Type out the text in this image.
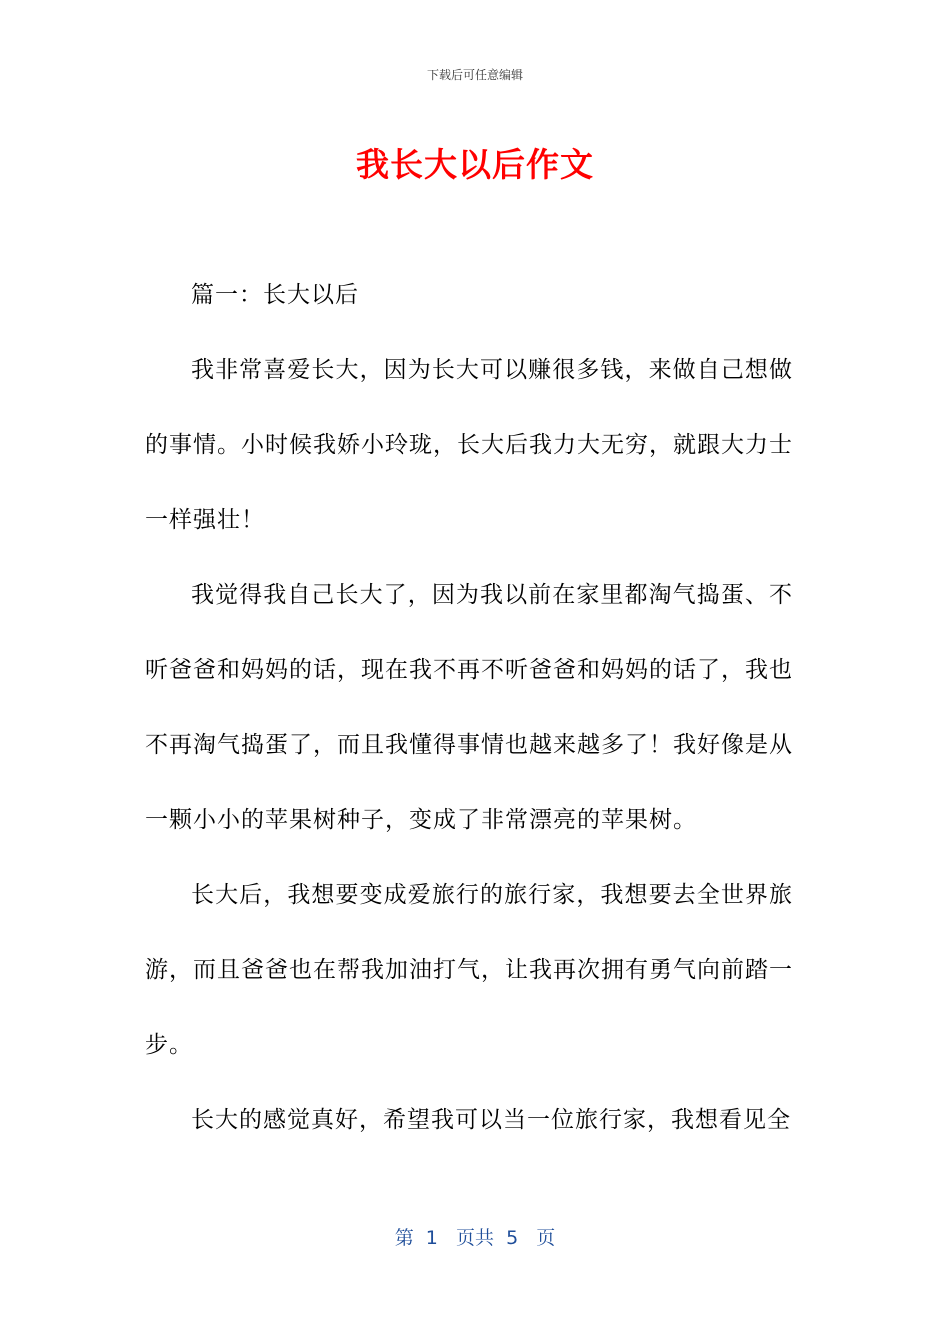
下载后可任意编辑
我长大以后作文

篇一：长大以后

我非常喜爱长大，因为长大可以赚很多钱，来做自己想做的事情。小时候我娇小玲珑，长大后我力大无穷，就跟大力士一样强壮！

我觉得我自己长大了，因为我以前在家里都淘气捣蛋、不听爸爸和妈妈的话，现在我不再不听爸爸和妈妈的话了，我也不再淘气捣蛋了，而且我懂得事情也越来越多了！我好像是从一颗小小的苹果树种子，变成了非常漂亮的苹果树。

长大后，我想要变成爱旅行的旅行家，我想要去全世界旅游，而且爸爸也在帮我加油打气，让我再次拥有勇气向前踏一步。

长大的感觉真好，希望我可以当一位旅行家，我想看见全

第  1   页共  5   页
